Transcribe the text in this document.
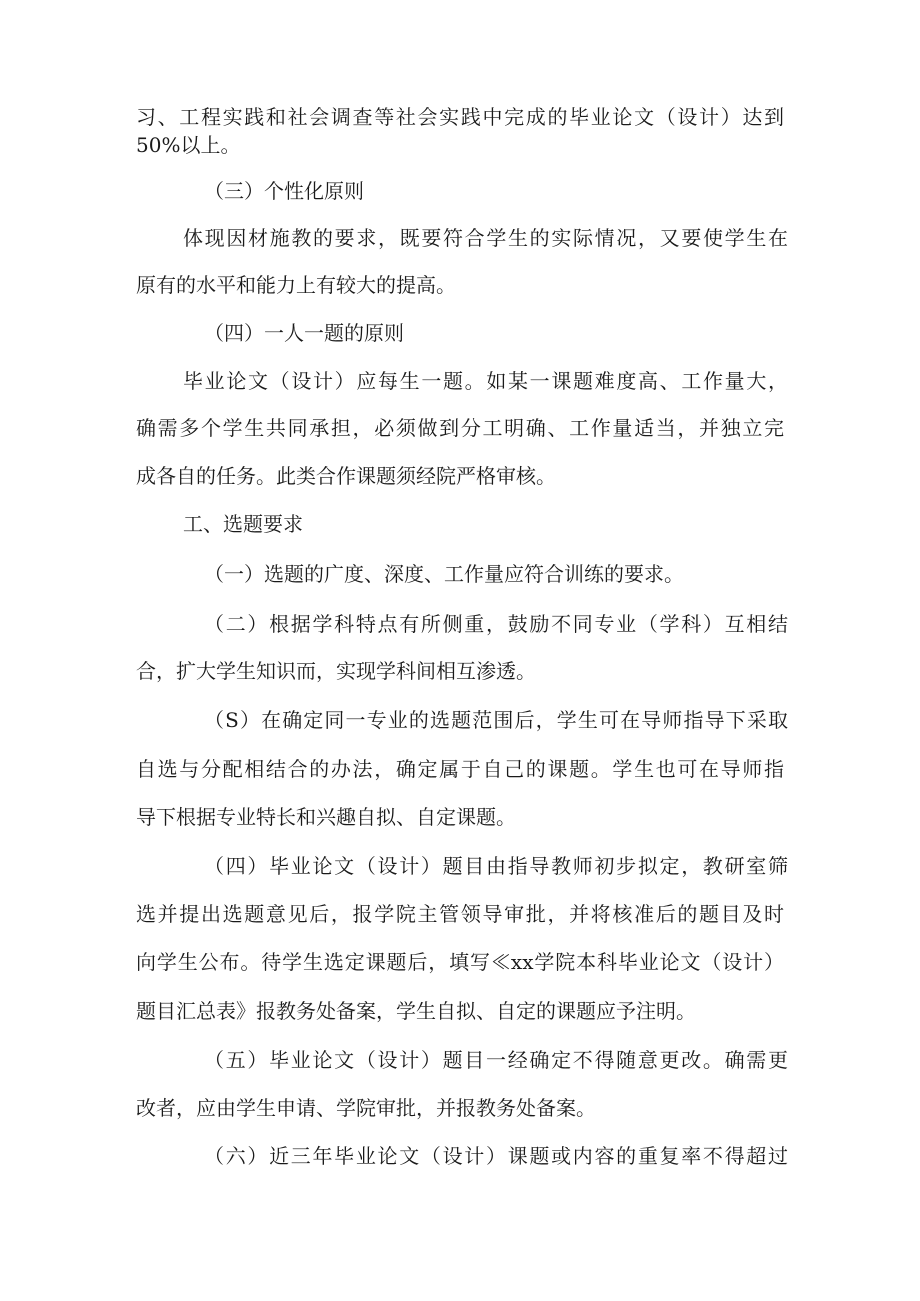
习、工程实践和社会调查等社会实践中完成的毕业论文（设计）达到
50%以上。
（三）个性化原则
体现因材施教的要求，既要符合学生的实际情况，又要使学生在
原有的水平和能力上有较大的提高。
（四）一人一题的原则
毕业论文（设计）应每生一题。如某一课题难度高、工作量大，
确需多个学生共同承担，必须做到分工明确、工作量适当，并独立完
成各自的任务。此类合作课题须经院严格审核。
工、选题要求
（一）选题的广度、深度、工作量应符合训练的要求。
（二）根据学科特点有所侧重，鼓励不同专业（学科）互相结
合，扩大学生知识而，实现学科间相互渗透。
（S）在确定同一专业的选题范围后，学生可在导师指导下采取
自选与分配相结合的办法，确定属于自己的课题。学生也可在导师指
导下根据专业特长和兴趣自拟、自定课题。
（四）毕业论文（设计）题目由指导教师初步拟定，教研室筛
选并提出选题意见后，报学院主管领导审批，并将核准后的题目及时
向学生公布。待学生选定课题后，填写≪xx学院本科毕业论文（设计）
题目汇总表》报教务处备案，学生自拟、自定的课题应予注明。
（五）毕业论文（设计）题目一经确定不得随意更改。确需更
改者，应由学生申请、学院审批，并报教务处备案。
（六）近三年毕业论文（设计）课题或内容的重复率不得超过
